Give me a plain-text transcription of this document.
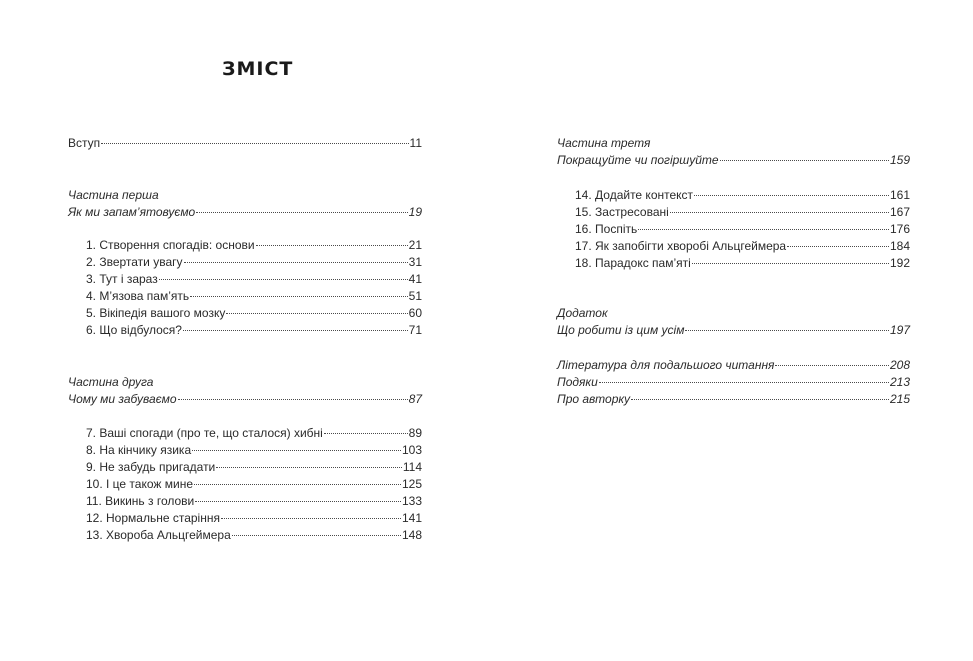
ЗМІСТ
Вступ	11
Частина перша
Як ми запам’ятовуємо	19
1. Створення спогадів: основи	21
2. Звертати увагу	31
3. Тут і зараз	41
4. М’язова пам’ять	51
5. Вікіпедія вашого мозку	60
6. Що відбулося?	71
Частина друга
Чому ми забуваємо	87
7. Ваші спогади (про те, що сталося) хибні	89
8. На кінчику язика	103
9. Не забудь пригадати	114
10. І це також мине	125
11. Викинь з голови	133
12. Нормальне старіння	141
13. Хвороба Альцгеймера	148
Частина третя
Покращуйте чи погіршуйте	159
14. Додайте контекст	161
15. Застресовані	167
16. Поспіть	176
17. Як запобігти хворобі Альцгеймера	184
18. Парадокс пам’яті	192
Додаток
Що робити із цим усім	197
Література для подальшого читання	208
Подяки	213
Про авторку	215
